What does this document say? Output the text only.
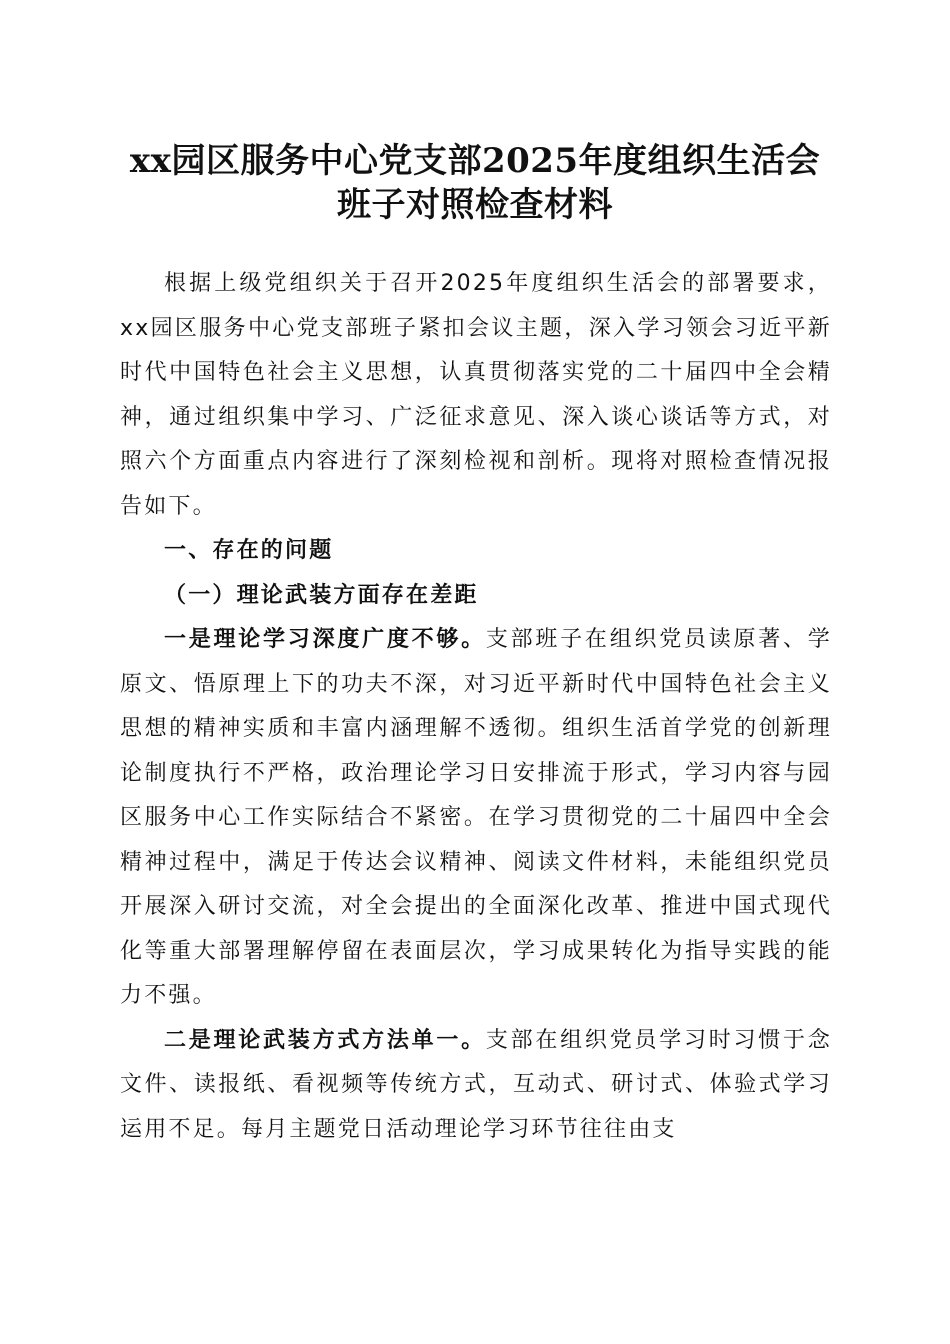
xx园区服务中心党支部2025年度组织生活会
班子对照检查材料

根据上级党组织关于召开2025年度组织生活会的部署要求，xx园区服务中心党支部班子紧扣会议主题，深入学习领会习近平新时代中国特色社会主义思想，认真贯彻落实党的二十届四中全会精神，通过组织集中学习、广泛征求意见、深入谈心谈话等方式，对照六个方面重点内容进行了深刻检视和剖析。现将对照检查情况报告如下。

一、存在的问题

（一）理论武装方面存在差距

一是理论学习深度广度不够。支部班子在组织党员读原著、学原文、悟原理上下的功夫不深，对习近平新时代中国特色社会主义思想的精神实质和丰富内涵理解不透彻。组织生活首学党的创新理论制度执行不严格，政治理论学习日安排流于形式，学习内容与园区服务中心工作实际结合不紧密。在学习贯彻党的二十届四中全会精神过程中，满足于传达会议精神、阅读文件材料，未能组织党员开展深入研讨交流，对全会提出的全面深化改革、推进中国式现代化等重大部署理解停留在表面层次，学习成果转化为指导实践的能力不强。

二是理论武装方式方法单一。支部在组织党员学习时习惯于念文件、读报纸、看视频等传统方式，互动式、研讨式、体验式学习运用不足。每月主题党日活动理论学习环节往往由支
